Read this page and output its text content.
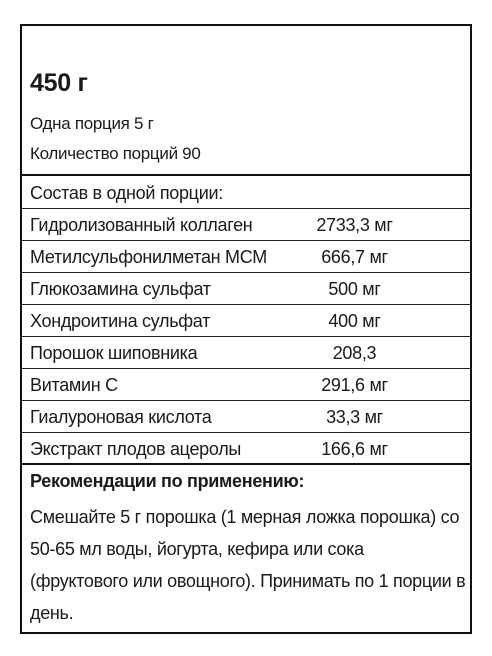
450 г
Одна порция 5 г
Количество порций 90
Состав в одной порции:
Гидролизованный коллаген	2733,3 мг
Метилсульфонилметан МСМ	666,7 мг
Глюкозамина сульфат	500 мг
Хондроитина сульфат	400 мг
Порошок шиповника	208,3
Витамин С	291,6 мг
Гиалуроновая кислота	33,3 мг
Экстракт плодов ацеролы	166,6 мг
Рекомендации по применению:
Смешайте 5 г порошка (1 мерная ложка порошка) со 50-65 мл воды, йогурта, кефира или сока (фруктового или овощного). Принимать по 1 порции в день.
